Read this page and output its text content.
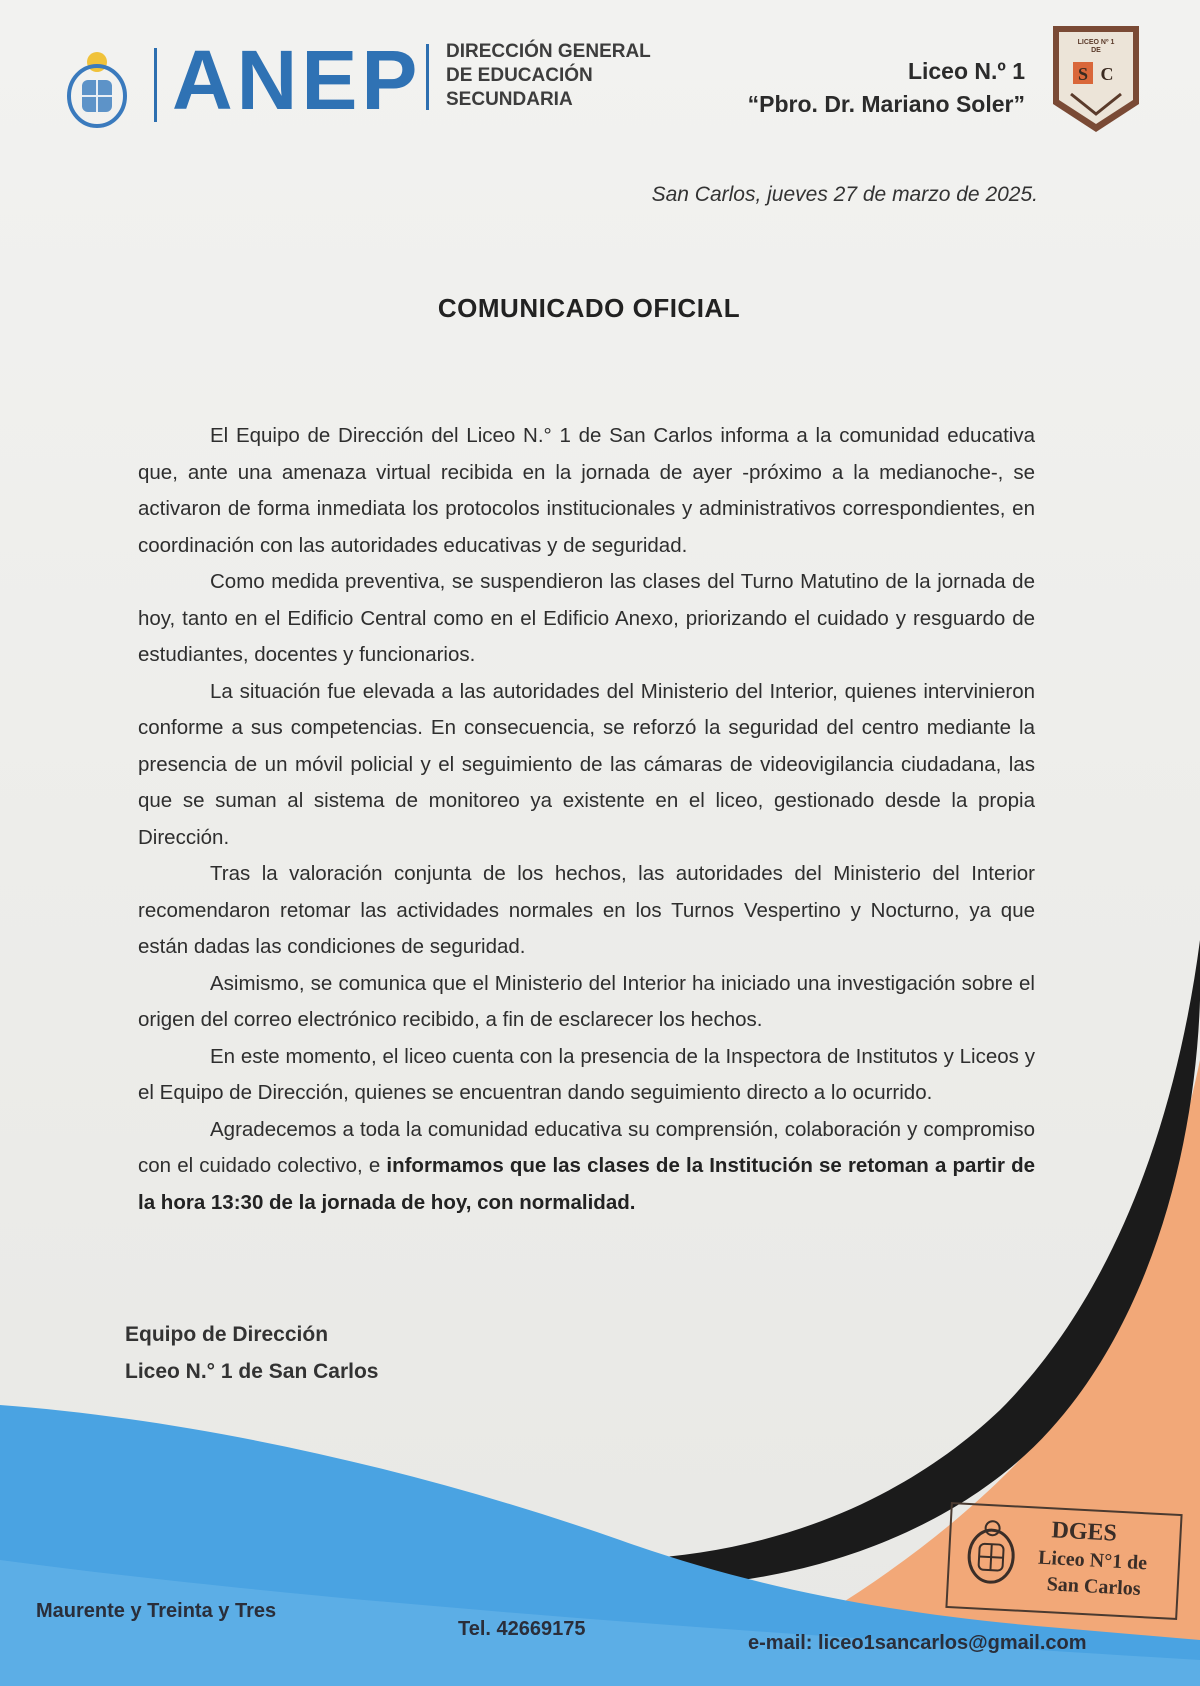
ANEP DIRECCIÓN GENERAL
DE EDUCACIÓN
SECUNDARIA
Liceo N.º 1
“Pbro. Dr. Mariano Soler”
LICEO Nº 1
DE
S C
San Carlos, jueves 27 de marzo de 2025.
COMUNICADO OFICIAL

El Equipo de Dirección del Liceo N.° 1 de San Carlos informa a la comunidad educativa que, ante una amenaza virtual recibida en la jornada de ayer -próximo a la medianoche-, se activaron de forma inmediata los protocolos institucionales y administrativos correspondientes, en coordinación con las autoridades educativas y de seguridad.

Como medida preventiva, se suspendieron las clases del Turno Matutino de la jornada de hoy, tanto en el Edificio Central como en el Edificio Anexo, priorizando el cuidado y resguardo de estudiantes, docentes y funcionarios.

La situación fue elevada a las autoridades del Ministerio del Interior, quienes intervinieron conforme a sus competencias. En consecuencia, se reforzó la seguridad del centro mediante la presencia de un móvil policial y el seguimiento de las cámaras de videovigilancia ciudadana, las que se suman al sistema de monitoreo ya existente en el liceo, gestionado desde la propia Dirección.

Tras la valoración conjunta de los hechos, las autoridades del Ministerio del Interior recomendaron retomar las actividades normales en los Turnos Vespertino y Nocturno, ya que están dadas las condiciones de seguridad.

Asimismo, se comunica que el Ministerio del Interior ha iniciado una investigación sobre el origen del correo electrónico recibido, a fin de esclarecer los hechos.

En este momento, el liceo cuenta con la presencia de la Inspectora de Institutos y Liceos y el Equipo de Dirección, quienes se encuentran dando seguimiento directo a lo ocurrido.

Agradecemos a toda la comunidad educativa su comprensión, colaboración y compromiso con el cuidado colectivo, e informamos que las clases de la Institución se retoman a partir de la hora 13:30 de la jornada de hoy, con normalidad.

Equipo de Dirección
Liceo N.° 1 de San Carlos
DGES
Liceo N°1 de
San Carlos
Maurente y Treinta y Tres
Tel. 42669175
e-mail: liceo1sancarlos@gmail.com
